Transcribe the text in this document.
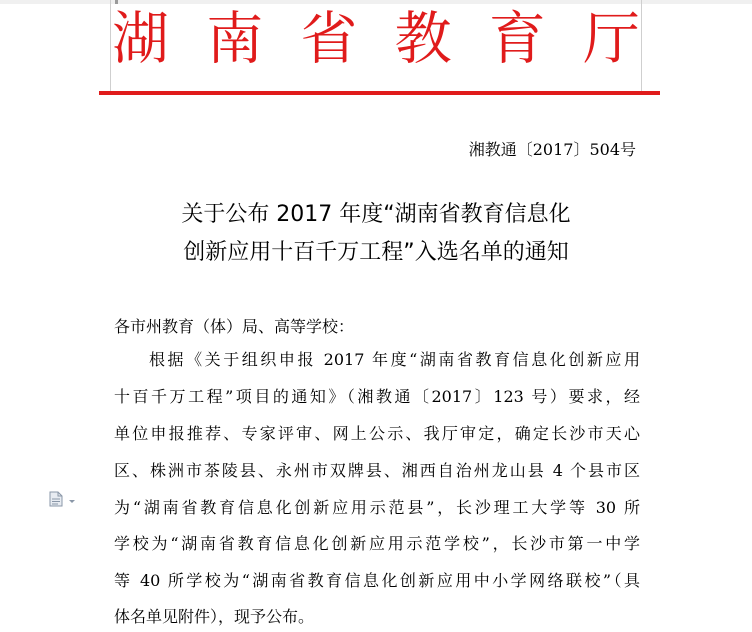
湖 南 省 教 育 厅
湘教通〔2017〕504号
关于公布 2017 年度“湖南省教育信息化
创新应用十百千万工程”入选名单的通知
各市州教育（体）局、高等学校：
根据《关于组织申报 2017 年度“湖南省教育信息化创新应用
十百千万工程”项目的通知》（湘教通〔2017〕123 号）要求，经
单位申报推荐、专家评审、网上公示、我厅审定，确定长沙市天心
区、株洲市茶陵县、永州市双牌县、湘西自治州龙山县 4 个县市区
为“湖南省教育信息化创新应用示范县”，长沙理工大学等 30 所
学校为“湖南省教育信息化创新应用示范学校”，长沙市第一中学
等 40 所学校为“湖南省教育信息化创新应用中小学网络联校”（具
体名单见附件），现予公布。
